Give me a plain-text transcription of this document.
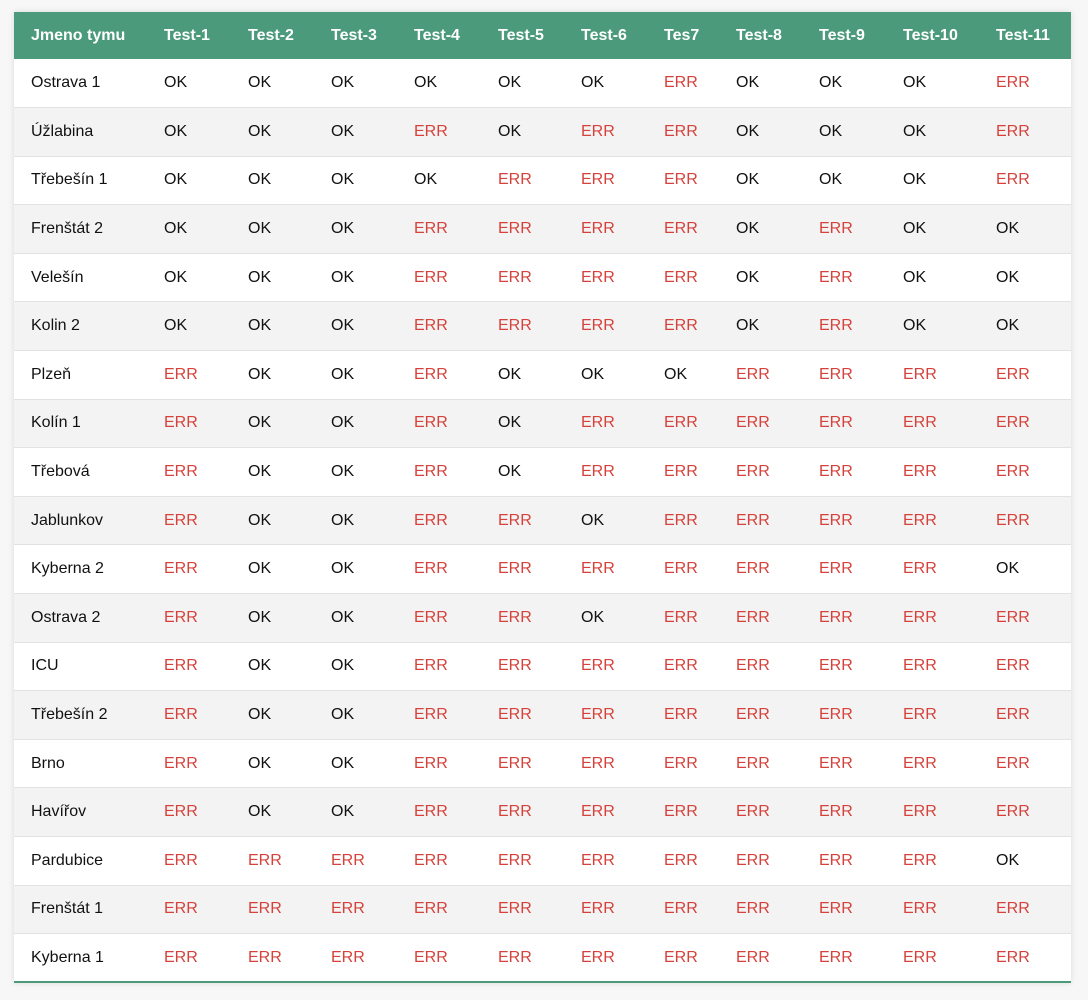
Jmeno tymu	Test-1	Test-2	Test-3	Test-4	Test-5	Test-6	Tes7	Test-8	Test-9	Test-10	Test-11
Ostrava 1	OK	OK	OK	OK	OK	OK	ERR	OK	OK	OK	ERR
Úžlabina	OK	OK	OK	ERR	OK	ERR	ERR	OK	OK	OK	ERR
Třebešín 1	OK	OK	OK	OK	ERR	ERR	ERR	OK	OK	OK	ERR
Frenštát 2	OK	OK	OK	ERR	ERR	ERR	ERR	OK	ERR	OK	OK
Velešín	OK	OK	OK	ERR	ERR	ERR	ERR	OK	ERR	OK	OK
Kolin 2	OK	OK	OK	ERR	ERR	ERR	ERR	OK	ERR	OK	OK
Plzeň	ERR	OK	OK	ERR	OK	OK	OK	ERR	ERR	ERR	ERR
Kolín 1	ERR	OK	OK	ERR	OK	ERR	ERR	ERR	ERR	ERR	ERR
Třebová	ERR	OK	OK	ERR	OK	ERR	ERR	ERR	ERR	ERR	ERR
Jablunkov	ERR	OK	OK	ERR	ERR	OK	ERR	ERR	ERR	ERR	ERR
Kyberna 2	ERR	OK	OK	ERR	ERR	ERR	ERR	ERR	ERR	ERR	OK
Ostrava 2	ERR	OK	OK	ERR	ERR	OK	ERR	ERR	ERR	ERR	ERR
ICU	ERR	OK	OK	ERR	ERR	ERR	ERR	ERR	ERR	ERR	ERR
Třebešín 2	ERR	OK	OK	ERR	ERR	ERR	ERR	ERR	ERR	ERR	ERR
Brno	ERR	OK	OK	ERR	ERR	ERR	ERR	ERR	ERR	ERR	ERR
Havířov	ERR	OK	OK	ERR	ERR	ERR	ERR	ERR	ERR	ERR	ERR
Pardubice	ERR	ERR	ERR	ERR	ERR	ERR	ERR	ERR	ERR	ERR	OK
Frenštát 1	ERR	ERR	ERR	ERR	ERR	ERR	ERR	ERR	ERR	ERR	ERR
Kyberna 1	ERR	ERR	ERR	ERR	ERR	ERR	ERR	ERR	ERR	ERR	ERR
